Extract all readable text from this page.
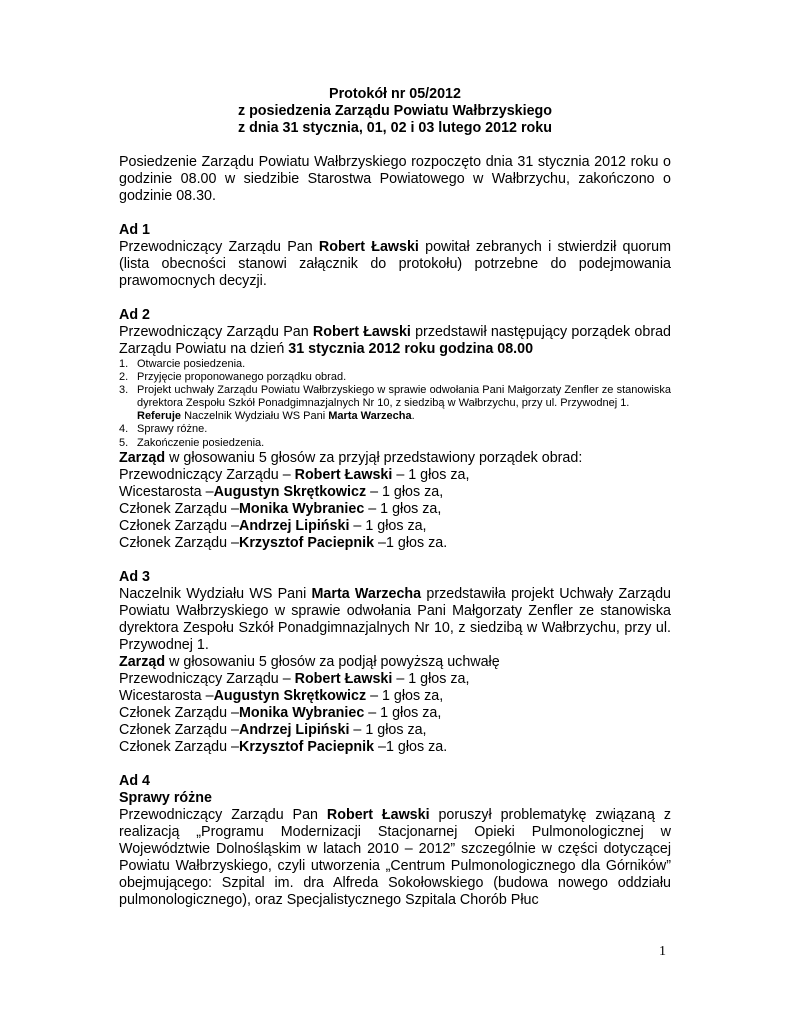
Protokół nr 05/2012
z posiedzenia Zarządu Powiatu Wałbrzyskiego
z dnia 31 stycznia, 01, 02 i 03 lutego 2012 roku

Posiedzenie Zarządu Powiatu Wałbrzyskiego rozpoczęto dnia 31 stycznia 2012 roku o godzinie 08.00 w siedzibie Starostwa Powiatowego w Wałbrzychu, zakończono o godzinie 08.30.

Ad 1

Przewodniczący Zarządu Pan Robert Ławski powitał zebranych i stwierdził quorum (lista obecności stanowi załącznik do protokołu) potrzebne do podejmowania prawomocnych decyzji.

Ad 2

Przewodniczący Zarządu Pan Robert Ławski przedstawił następujący porządek obrad Zarządu Powiatu na dzień 31 stycznia 2012 roku godzina 08.00

1. Otwarcie posiedzenia.
2. Przyjęcie proponowanego porządku obrad.
3. Projekt uchwały Zarządu Powiatu Wałbrzyskiego w sprawie odwołania Pani Małgorzaty Zenfler ze stanowiska dyrektora Zespołu Szkół Ponadgimnazjalnych Nr 10, z siedzibą w Wałbrzychu, przy ul. Przywodnej 1.
Referuje Naczelnik Wydziału WS Pani Marta Warzecha.
4. Sprawy różne.
5. Zakończenie posiedzenia.
Zarząd w głosowaniu 5 głosów za przyjął przedstawiony porządek obrad:
Przewodniczący Zarządu – Robert Ławski – 1 głos za,
Wicestarosta –Augustyn Skrętkowicz – 1 głos za,
Członek Zarządu –Monika Wybraniec – 1 głos za,
Członek Zarządu –Andrzej Lipiński – 1 głos za,
Członek Zarządu –Krzysztof Paciepnik –1 głos za.
Ad 3

Naczelnik Wydziału WS Pani Marta Warzecha przedstawiła projekt Uchwały Zarządu Powiatu Wałbrzyskiego w sprawie odwołania Pani Małgorzaty Zenfler ze stanowiska dyrektora Zespołu Szkół Ponadgimnazjalnych Nr 10, z siedzibą w Wałbrzychu, przy ul. Przywodnej 1.

Zarząd w głosowaniu 5 głosów za podjął powyższą uchwałę
Przewodniczący Zarządu – Robert Ławski – 1 głos za,
Wicestarosta –Augustyn Skrętkowicz – 1 głos za,
Członek Zarządu –Monika Wybraniec – 1 głos za,
Członek Zarządu –Andrzej Lipiński – 1 głos za,
Członek Zarządu –Krzysztof Paciepnik –1 głos za.
Ad 4
Sprawy różne

Przewodniczący Zarządu Pan Robert Ławski poruszył problematykę związaną z realizacją „Programu Modernizacji Stacjonarnej Opieki Pulmonologicznej w Województwie Dolnośląskim w latach 2010 – 2012” szczególnie w części dotyczącej Powiatu Wałbrzyskiego, czyli utworzenia „Centrum Pulmonologicznego dla Górników” obejmującego: Szpital im. dra Alfreda Sokołowskiego (budowa nowego oddziału pulmonologicznego), oraz Specjalistycznego Szpitala Chorób Płuc

1
